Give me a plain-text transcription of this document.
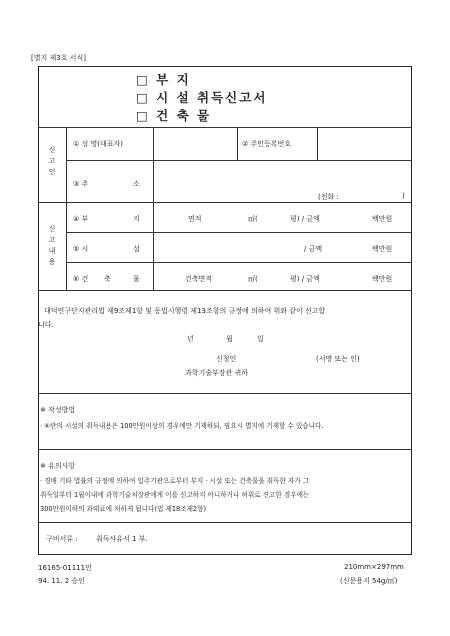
[별지 제3호 서식]
□ 부 지
□ 시 설 취득신고서
□ 건 축 물
신
고
인
① 성 명(대표자)	② 주민등록번호
③ 주	소
(전화 :	)
신
고
내
용
④ 부	지	면적	㎡(	평) / 금액	백만원
⑤ 시	설	/ 금액	백만원
⑥ 건 축	물	건축면적	㎡(	평) / 금액	백만원
대덕연구단지관리법 제9조제1항 및 동법시행령 제13조항의 규정에 의하여 위와 같이 신고합
니다.
년	월	일
신청인	(서명 또는 인)
과학기술부장관 귀하
※ 작성방법
· ⑥란의 시설의 취득내용은 100만원이상의 경우에만 기재하되, 필요시 별지에 기재할 수 있습니다.
※ 유의사항
· 경매 기타 법률의 규정에 의하여 입주기관으로부터 부지 · 시설 또는 건축물을 취득한 자가 그
취득일부터 1월이내에 과학기술처장관에게 이를 신고하지 아니하거나 허위로 신고한 경우에는
300만원이하의 과태료에 처하게 됩니다(법 제18조제2항)
구비서류 :	취득사유서 1 부.
16165-01111민
94. 11. 2 승인
210mm×297mm
(신문용지 54g/㎡)
